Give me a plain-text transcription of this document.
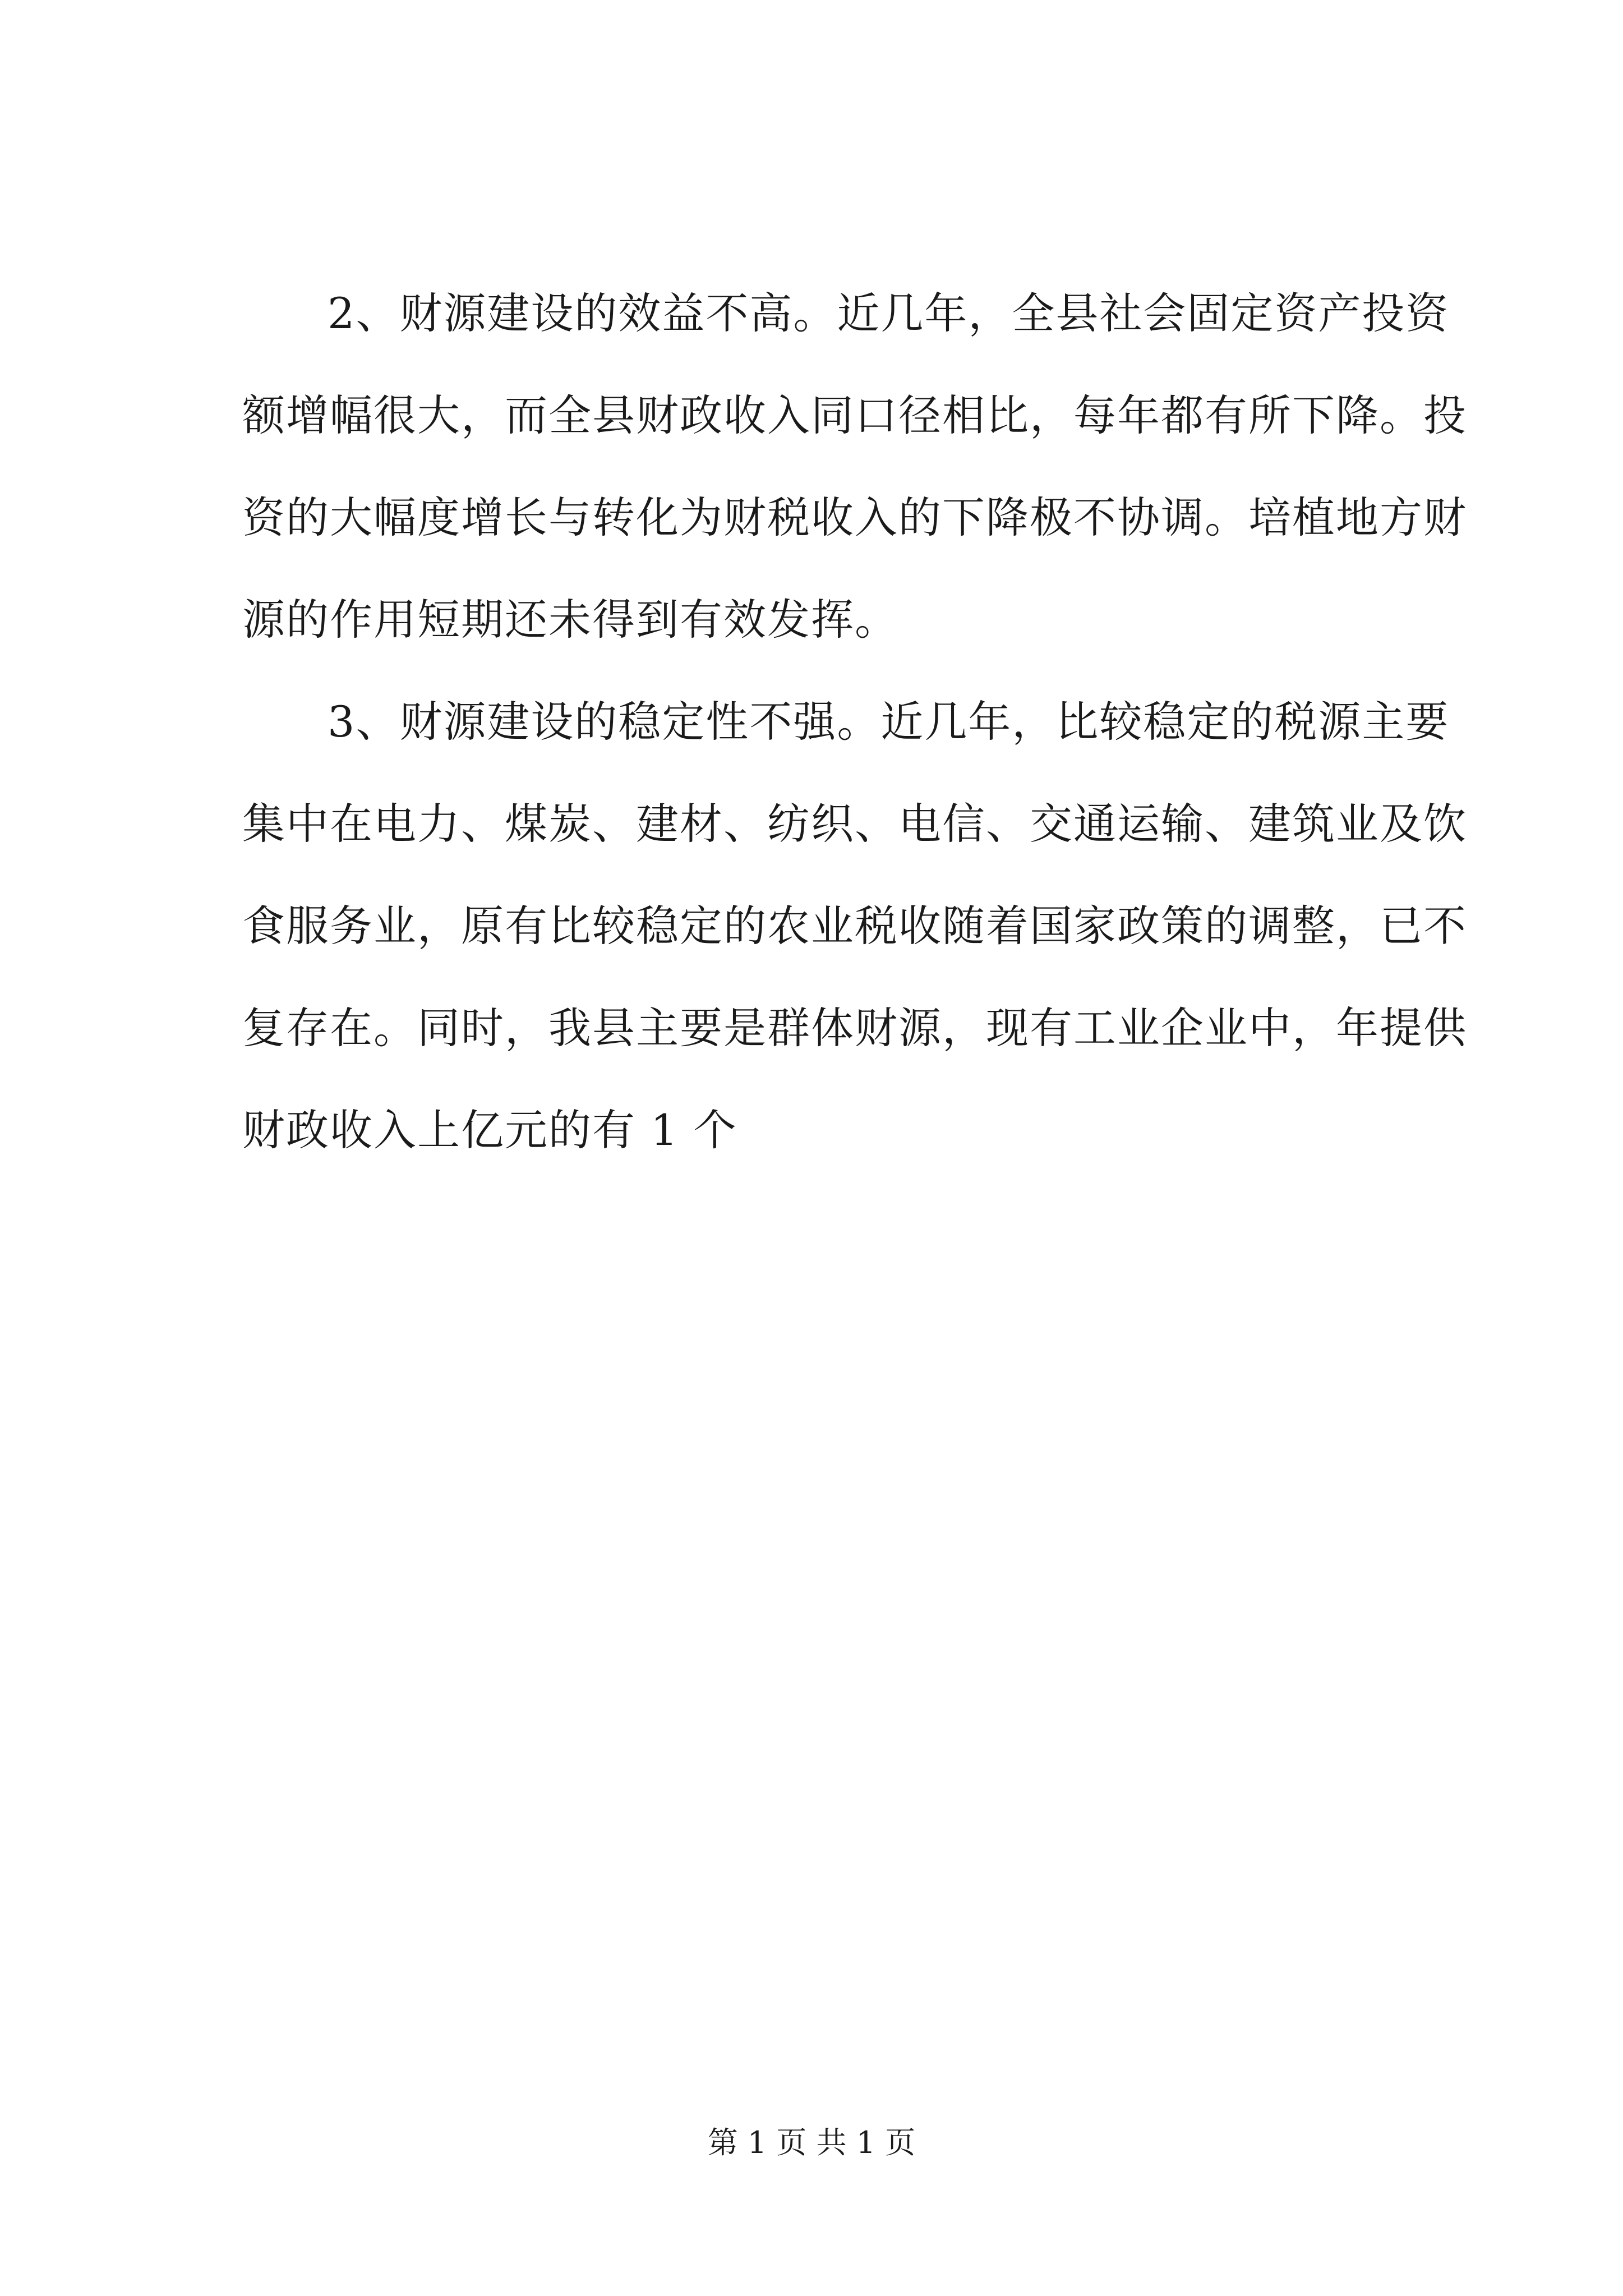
2、财源建设的效益不高。近几年，全县社会固定资产投资
额增幅很大，而全县财政收入同口径相比，每年都有所下降。投
资的大幅度增长与转化为财税收入的下降极不协调。培植地方财
源的作用短期还未得到有效发挥。
3、财源建设的稳定性不强。近几年，比较稳定的税源主要
集中在电力、煤炭、建材、纺织、电信、交通运输、建筑业及饮
食服务业，原有比较稳定的农业税收随着国家政策的调整，已不
复存在。同时，我县主要是群体财源，现有工业企业中，年提供
财政收入上亿元的有 1 个
第 1 页 共 1 页
